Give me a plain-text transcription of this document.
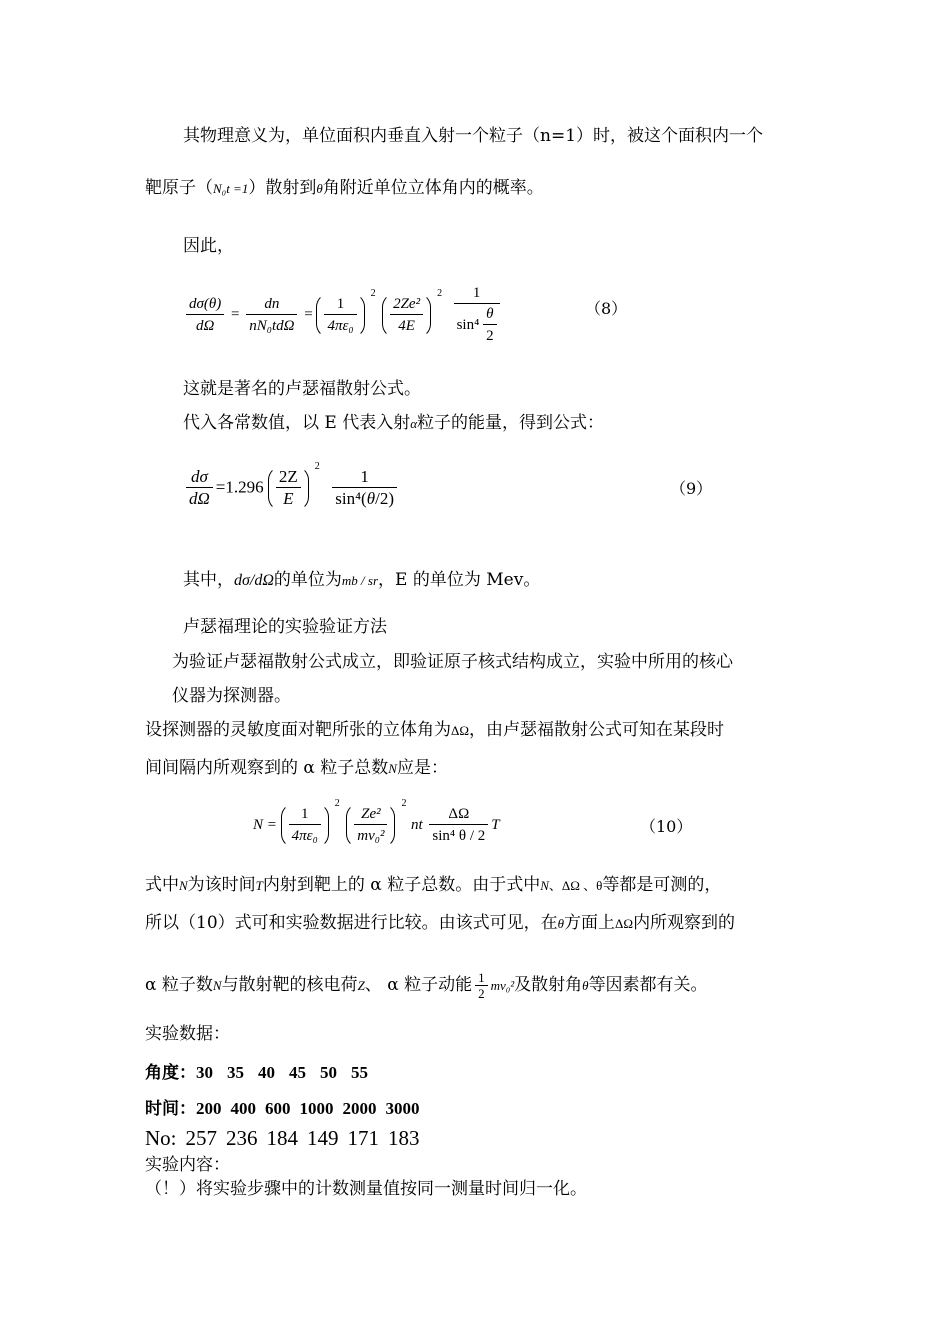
其物理意义为，单位面积内垂直入射一个粒子（n=1）时，被这个面积内一个
靶原子（N₀t =1）散射到θ角附近单位立体角内的概率。
因此，
$\frac{d\sigma(\theta)}{d\Omega} = \frac{dn}{\text{nN₀tdΩ}} = \frac{1}{\text{4πε₀}}$
2

$\frac{\text{2Ze²}}{4E}$
2
$\frac{1}{\sin^4 \frac{\theta}{2}}$	（8）
这就是著名的卢瑟福散射公式。
代入各常数值，以 E 代表入射α粒子的能量，得到公式：
$\frac{d\sigma}{d\Omega} =1.296 \frac{2Z}{E}$
2

$\frac{1}{\text{sin⁴(θ/2)}}$	（9）
其中，dσ/dΩ的单位为mb / sr，E 的单位为 Mev。
卢瑟福理论的实验验证方法
为验证卢瑟福散射公式成立，即验证原子核式结构成立，实验中所用的核心
仪器为探测器。
设探测器的灵敏度面对靶所张的立体角为ΔΩ，由卢瑟福散射公式可知在某段时
间间隔内所观察到的 α 粒子总数N应是：
$N = \frac{1}{\text{4πε₀}}$
2

$\frac{\text{Ze²}}{\text{mv₀²}}$
2
nt $\frac{\Delta\Omega}{\text{sin⁴ θ / 2}}$ T	（10）
式中N为该时间T内射到靶上的 α 粒子总数。由于式中N、ΔΩ 、θ等都是可测的，
所以（10）式可和实验数据进行比较。由该式可见，在θ方面上ΔΩ内所观察到的
α 粒子数N与散射靶的核电荷Z、 α 粒子动能 $\frac{1}{2} mv_0^2$及散射角θ等因素都有关。
实验数据：
角度：30 35 40 45 50 55
时间：200 400 600 1000 2000 3000
No: 257 236 184 149 171 183
实验内容：
（！）将实验步骤中的计数测量值按同一测量时间归一化。
